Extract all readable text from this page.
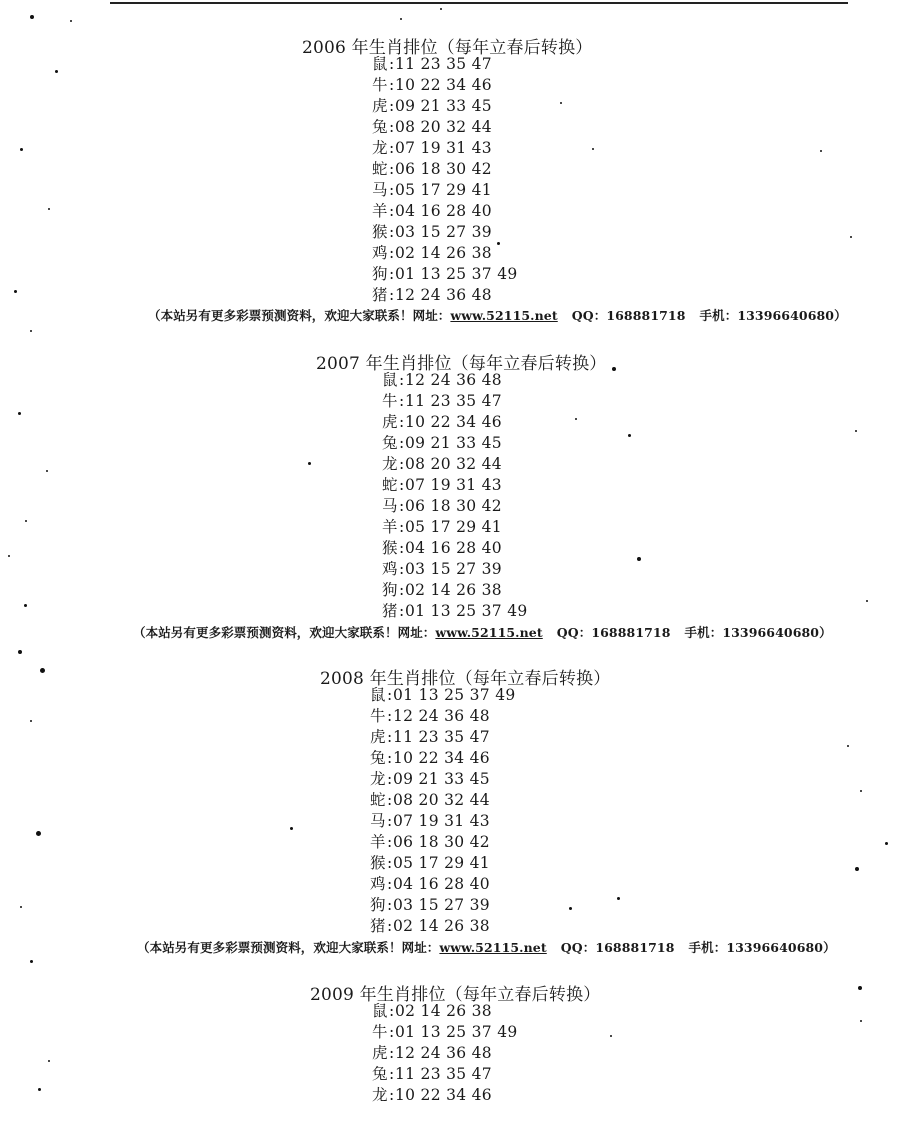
2006 年生肖排位（每年立春后转换）
鼠:11 23 35 47
牛:10 22 34 46
虎:09 21 33 45
兔:08 20 32 44
龙:07 19 31 43
蛇:06 18 30 42
马:05 17 29 41
羊:04 16 28 40
猴:03 15 27 39
鸡:02 14 26 38
狗:01 13 25 37 49
猪:12 24 36 48
2007 年生肖排位（每年立春后转换）
鼠:12 24 36 48
牛:11 23 35 47
虎:10 22 34 46
兔:09 21 33 45
龙:08 20 32 44
蛇:07 19 31 43
马:06 18 30 42
羊:05 17 29 41
猴:04 16 28 40
鸡:03 15 27 39
狗:02 14 26 38
猪:01 13 25 37 49
2008 年生肖排位（每年立春后转换）
鼠:01 13 25 37 49
牛:12 24 36 48
虎:11 23 35 47
兔:10 22 34 46
龙:09 21 33 45
蛇:08 20 32 44
马:07 19 31 43
羊:06 18 30 42
猴:05 17 29 41
鸡:04 16 28 40
狗:03 15 27 39
猪:02 14 26 38
2009 年生肖排位（每年立春后转换）
鼠:02 14 26 38
牛:01 13 25 37 49
虎:12 24 36 48
兔:11 23 35 47
龙:10 22 34 46
（本站另有更多彩票预测资料，欢迎大家联系！网址：www.52115.net QQ：168881718 手机：13396640680）
（本站另有更多彩票预测资料，欢迎大家联系！网址：www.52115.net QQ：168881718 手机：13396640680）
（本站另有更多彩票预测资料，欢迎大家联系！网址：www.52115.net QQ：168881718 手机：13396640680）
